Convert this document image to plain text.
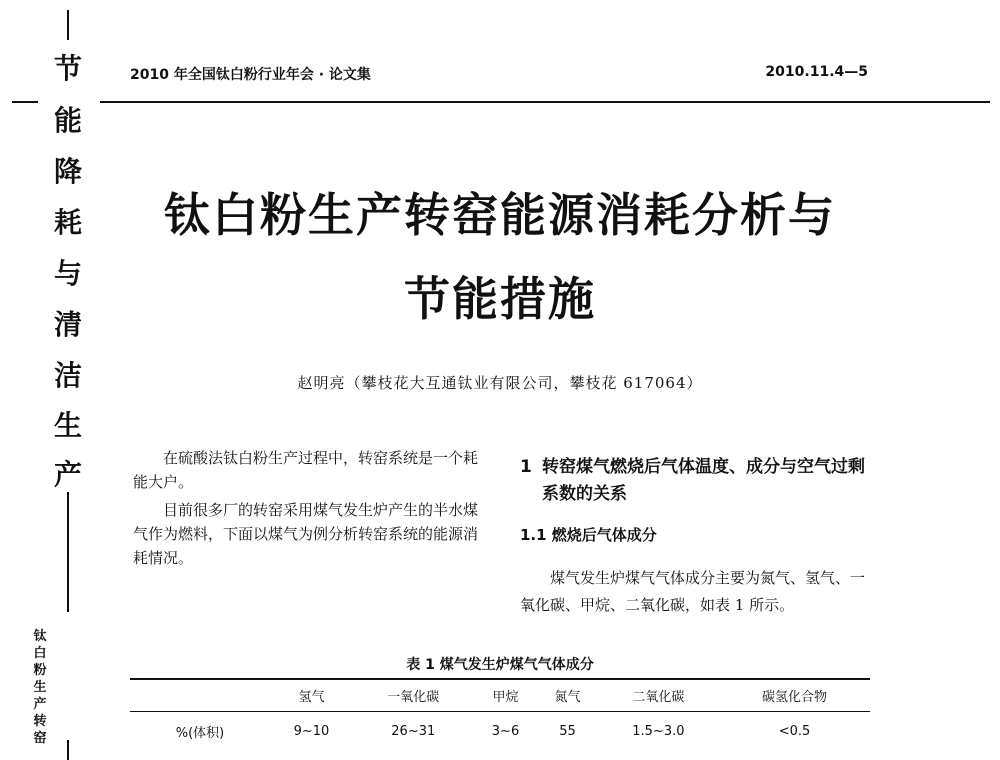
节
能
降
耗
与
清
洁
生
产
钛
白
粉
生
产
转
窑
2010 年全国钛白粉行业年会 · 论文集	2010.11.4—5
钛白粉生产转窑能源消耗分析与
节能措施
赵明亮（攀枝花大互通钛业有限公司，攀枝花 617064）

在硫酸法钛白粉生产过程中，转窑系统是一个耗能大户。

目前很多厂的转窑采用煤气发生炉产生的半水煤气作为燃料，下面以煤气为例分析转窑系统的能源消耗情况。

1 转窑煤气燃烧后气体温度、成分与空气过剩系数的关系
1.1 燃烧后气体成分

煤气发生炉煤气气体成分主要为氮气、氢气、一氧化碳、甲烷、二氧化碳，如表 1 所示。

表 1 煤气发生炉煤气气体成分
	氢气	一氧化碳	甲烷	氮气	二氧化碳	碳氢化合物
%(体积)	9~10	26~31	3~6	55	1.5~3.0	<0.5
